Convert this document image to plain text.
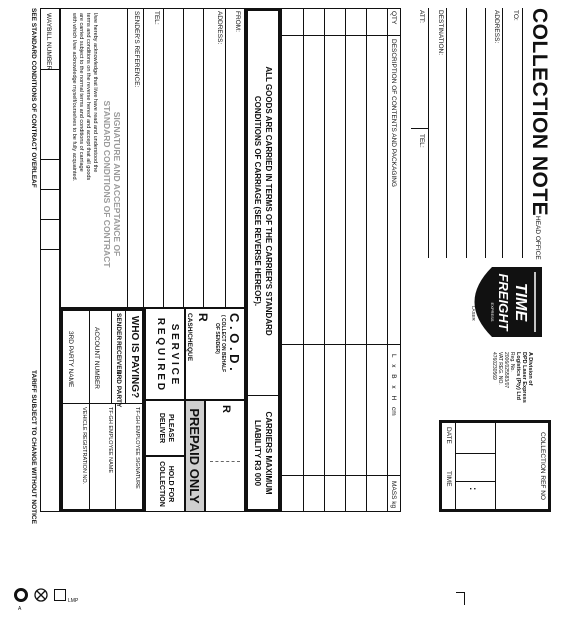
COLLECTION NOTE
HEAD OFFICE
TO:
ADDRESS:
DESTINATION:
ATT:
TEL:
TIME
FREIGHT
EXPRESS
LASER
A Division of
DPD Laser Express
Logistics (Pty) Ltd
Reg. No.
2006/025583/07
VAT REG. NO.
4760230569
COLLECTION REF NO
DATE
TIME
:
QTY
DESCRIPTION OF CONTENTS AND PACKAGING
L x B x H cm
MASS kg
ALL GOODS ARE CARRIED IN TERMS OF THE CARRIER'S STANDARD
CONDITIONS OF CARRIAGE (SEE REVERSE HEREOF).
CARRIERS MAXIMUM
LIABILITY R3 000
FROM:
ADDRESS:
TEL:
SENDER'S REFERENCE:
SIGNATURE AND ACCEPTANCE OF
STANDARD CONDITIONS OF CONTRACT
I/we hereby acknowledge that I/we have read and understood the
terms and conditions on the reverse hereof and accept that all goods
are carried subject to the normal terms and conditions of carriage
with which I/we acknowledge myself/ourselves to be fully acquainted.
C . O . D .
( COLLECT ON BEHALF
OF SENDER)
R
CASH/CHEQUE
R
PREPAID ONLY
S E R V I C E
R E Q U I R E D
PLEASE
DELIVER
HOLD FOR
COLLECTION
WHO IS PAYING?
SENDER
RECEIVER
3RD PARTY
ACCOUNT NUMBER
3RD PARTY NAME
TF-GH EMPLOYEE SIGNATURE
TF-GH EMPLOYEE NAME
VEHICLE REGISTRATION NO.
WAYBILL NUMBER
SEE STANDARD CONDITIONS OF CONTRACT OVERLEAF
TARIFF SUBJECT TO CHANGE WITHOUT NOTICE
LMP
A
